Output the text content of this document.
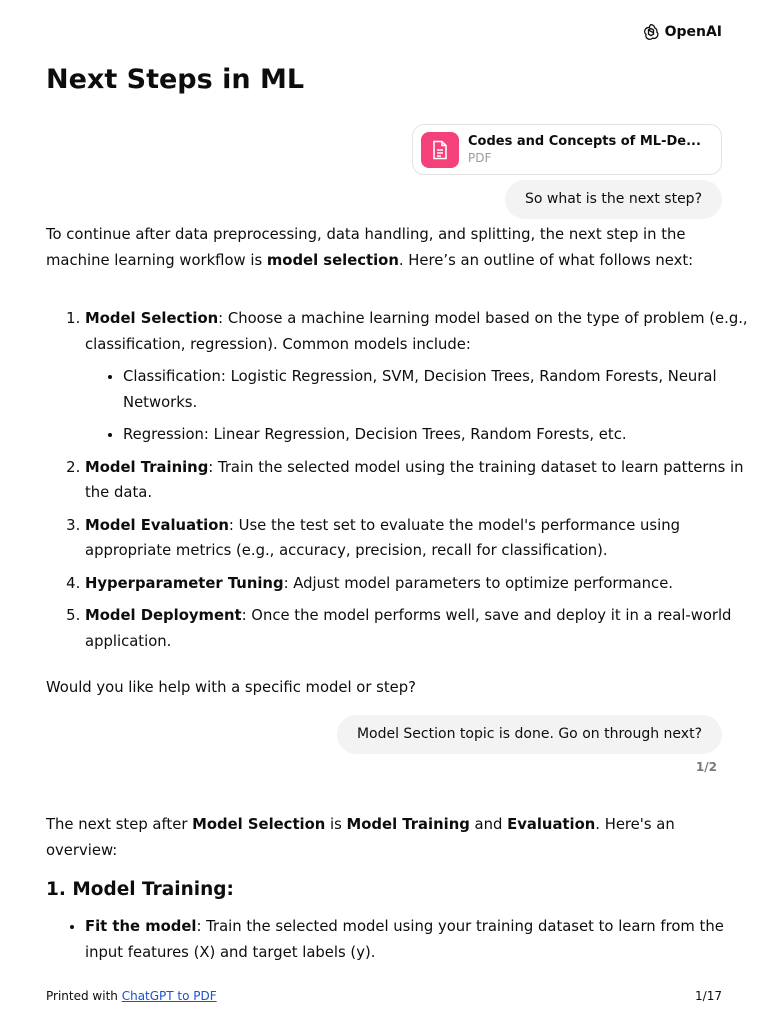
OpenAI
Next Steps in ML
Codes and Concepts of ML-De...
PDF
So what is the next step?

To continue after data preprocessing, data handling, and splitting, the next step in the machine learning workflow is model selection. Here’s an outline of what follows next:

1. Model Selection: Choose a machine learning model based on the type of problem (e.g., classification, regression). Common models include:
• Classification: Logistic Regression, SVM, Decision Trees, Random Forests, Neural Networks.
• Regression: Linear Regression, Decision Trees, Random Forests, etc.
2. Model Training: Train the selected model using the training dataset to learn patterns in the data.
3. Model Evaluation: Use the test set to evaluate the model's performance using appropriate metrics (e.g., accuracy, precision, recall for classification).
4. Hyperparameter Tuning: Adjust model parameters to optimize performance.
5. Model Deployment: Once the model performs well, save and deploy it in a real-world application.

Would you like help with a specific model or step?

Model Section topic is done. Go on through next?
1/2

The next step after Model Selection is Model Training and Evaluation. Here's an overview:

1. Model Training:
• Fit the model: Train the selected model using your training dataset to learn from the input features (X) and target labels (y).
Printed with ChatGPT to PDF	1/17
